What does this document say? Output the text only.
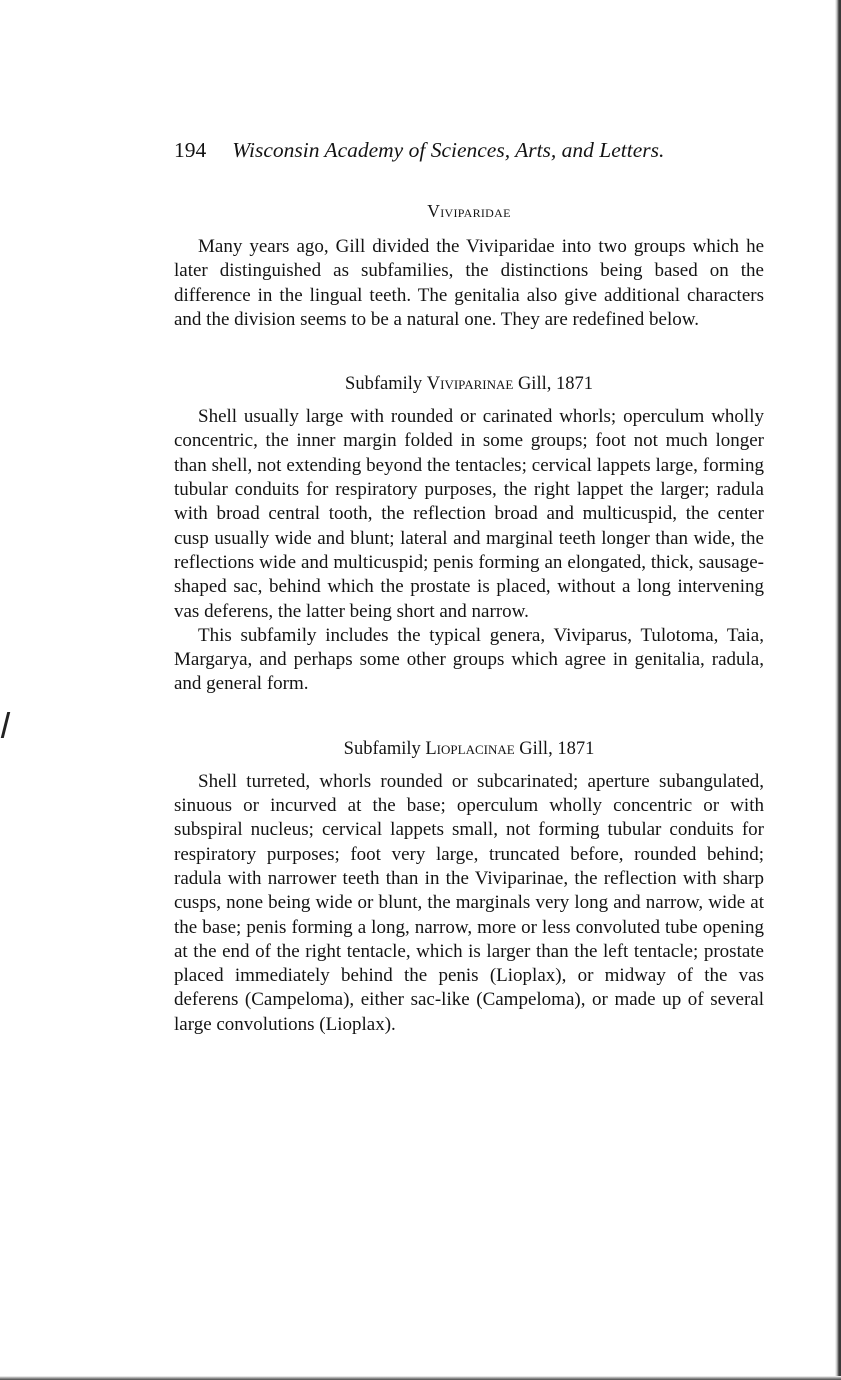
194 Wisconsin Academy of Sciences, Arts, and Letters.
Viviparidae

Many years ago, Gill divided the Viviparidae into two groups which he later distinguished as subfamilies, the distinctions being based on the difference in the lingual teeth. The genitalia also give additional characters and the division seems to be a natural one. They are redefined below.

Subfamily Viviparinae Gill, 1871

Shell usually large with rounded or carinated whorls; operculum wholly concentric, the inner margin folded in some groups; foot not much longer than shell, not extending beyond the tentacles; cervical lappets large, forming tubular conduits for respiratory purposes, the right lappet the larger; radula with broad central tooth, the reflection broad and multicuspid, the center cusp usually wide and blunt; lateral and marginal teeth longer than wide, the reflections wide and multicuspid; penis forming an elongated, thick, sausage-shaped sac, behind which the prostate is placed, without a long intervening vas deferens, the latter being short and narrow.

This subfamily includes the typical genera, Viviparus, Tulotoma, Taia, Margarya, and perhaps some other groups which agree in genitalia, radula, and general form.

Subfamily Lioplacinae Gill, 1871

Shell turreted, whorls rounded or subcarinated; aperture subangulated, sinuous or incurved at the base; operculum wholly concentric or with subspiral nucleus; cervical lappets small, not forming tubular conduits for respiratory purposes; foot very large, truncated before, rounded behind; radula with narrower teeth than in the Viviparinae, the reflection with sharp cusps, none being wide or blunt, the marginals very long and narrow, wide at the base; penis forming a long, narrow, more or less convoluted tube opening at the end of the right tentacle, which is larger than the left tentacle; prostate placed immediately behind the penis (Lioplax), or midway of the vas deferens (Campeloma), either sac-like (Campeloma), or made up of several large convolutions (Lioplax).
